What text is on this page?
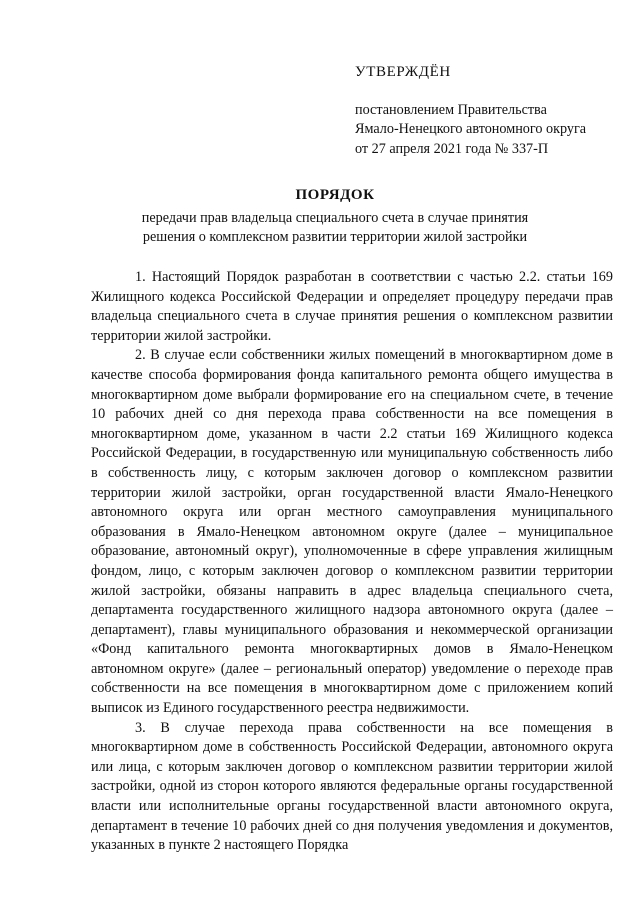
УТВЕРЖДЁН
постановлением Правительства
Ямало-Ненецкого автономного округа
от 27 апреля 2021 года № 337-П
ПОРЯДОК
передачи прав владельца специального счета в случае принятия
решения о комплексном развитии территории жилой застройки

1. Настоящий Порядок разработан в соответствии с частью 2.2. статьи 169 Жилищного кодекса Российской Федерации и определяет процедуру передачи прав владельца специального счета в случае принятия решения о комплексном развитии территории жилой застройки.

2. В случае если собственники жилых помещений в многоквартирном доме в качестве способа формирования фонда капитального ремонта общего имущества в многоквартирном доме выбрали формирование его на специальном счете, в течение 10 рабочих дней со дня перехода права собственности на все помещения в многоквартирном доме, указанном в части 2.2 статьи 169 Жилищного кодекса Российской Федерации, в государственную или муниципальную собственность либо в собственность лицу, с которым заключен договор о комплексном развитии территории жилой застройки, орган государственной власти Ямало-Ненецкого автономного округа или орган местного самоуправления муниципального образования в Ямало-Ненецком автономном округе (далее – муниципальное образование, автономный округ), уполномоченные в сфере управления жилищным фондом, лицо, с которым заключен договор о комплексном развитии территории жилой застройки, обязаны направить в адрес владельца специального счета, департамента государственного жилищного надзора автономного округа (далее – департамент), главы муниципального образования и некоммерческой организации «Фонд капитального ремонта многоквартирных домов в Ямало-Ненецком автономном округе» (далее – региональный оператор) уведомление о переходе прав собственности на все помещения в многоквартирном доме с приложением копий выписок из Единого государственного реестра недвижимости.

3. В случае перехода права собственности на все помещения в многоквартирном доме в собственность Российской Федерации, автономного округа или лица, с которым заключен договор о комплексном развитии территории жилой застройки, одной из сторон которого являются федеральные органы государственной власти или исполнительные органы государственной власти автономного округа, департамент в течение 10 рабочих дней со дня получения уведомления и документов, указанных в пункте 2 настоящего Порядка
